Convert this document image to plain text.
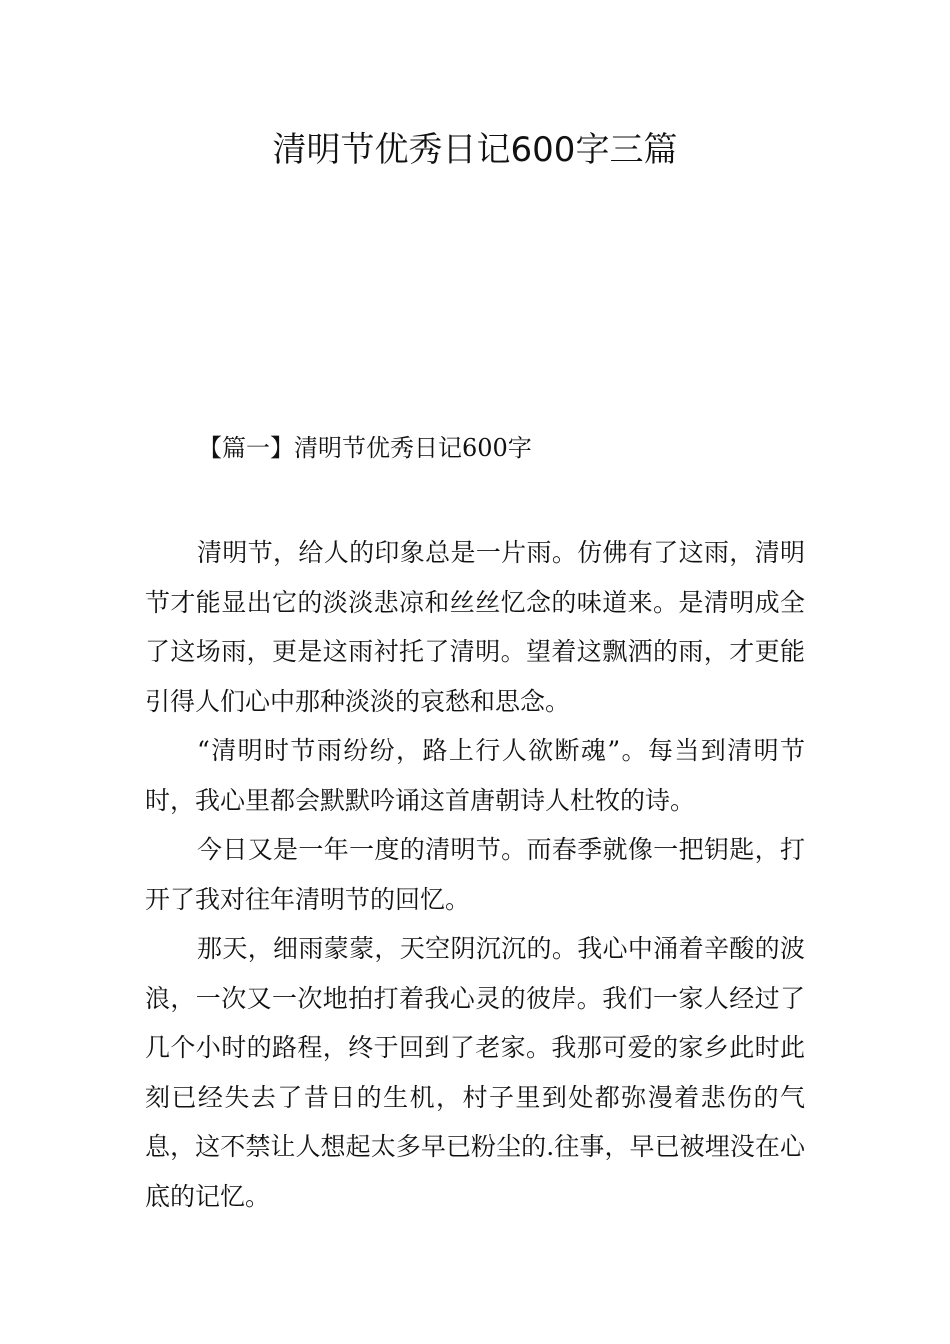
清明节优秀日记600字三篇
【篇一】清明节优秀日记600字

清明节，给人的印象总是一片雨。仿佛有了这雨，清明节才能显出它的淡淡悲凉和丝丝忆念的味道来。是清明成全了这场雨，更是这雨衬托了清明。望着这飘洒的雨，才更能引得人们心中那种淡淡的哀愁和思念。

“清明时节雨纷纷，路上行人欲断魂”。每当到清明节时，我心里都会默默吟诵这首唐朝诗人杜牧的诗。

今日又是一年一度的清明节。而春季就像一把钥匙，打开了我对往年清明节的回忆。

那天，细雨蒙蒙，天空阴沉沉的。我心中涌着辛酸的波浪，一次又一次地拍打着我心灵的彼岸。我们一家人经过了几个小时的路程，终于回到了老家。我那可爱的家乡此时此刻已经失去了昔日的生机，村子里到处都弥漫着悲伤的气息，这不禁让人想起太多早已粉尘的.往事，早已被埋没在心底的记忆。
